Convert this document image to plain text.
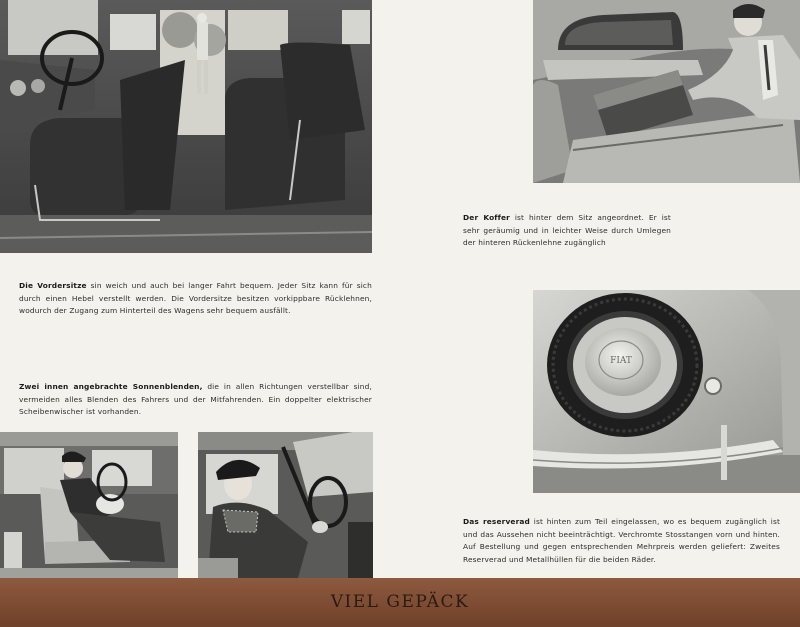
FIAT
Die Vordersitze sin weich und auch bei langer Fahrt bequem. Jeder Sitz kann für sich durch einen Hebel verstellt werden. Die Vordersitze besitzen vorkippbare Rücklehnen, wodurch der Zugang zum Hinterteil des Wagens sehr bequem ausfällt.
Zwei innen angebrachte Sonnenblenden, die in allen Richtungen verstellbar sind, vermeiden alles Blenden des Fahrers und der Mitfahrenden. Ein doppelter elektrischer Scheibenwischer ist vorhanden.
Der Koffer ist hinter dem Sitz angeordnet. Er ist sehr geräumig und in leichter Weise durch Umlegen der hinteren Rückenlehne zugänglich
Das reserverad ist hinten zum Teil eingelassen, wo es bequem zugänglich ist und das Aussehen nicht beeinträchtigt. Verchromte Stosstangen vorn und hinten. Auf Bestellung und gegen entsprechenden Mehrpreis werden geliefert: Zweites Reserverad und Metallhüllen für die beiden Räder.
VIEL GEPÄCK
